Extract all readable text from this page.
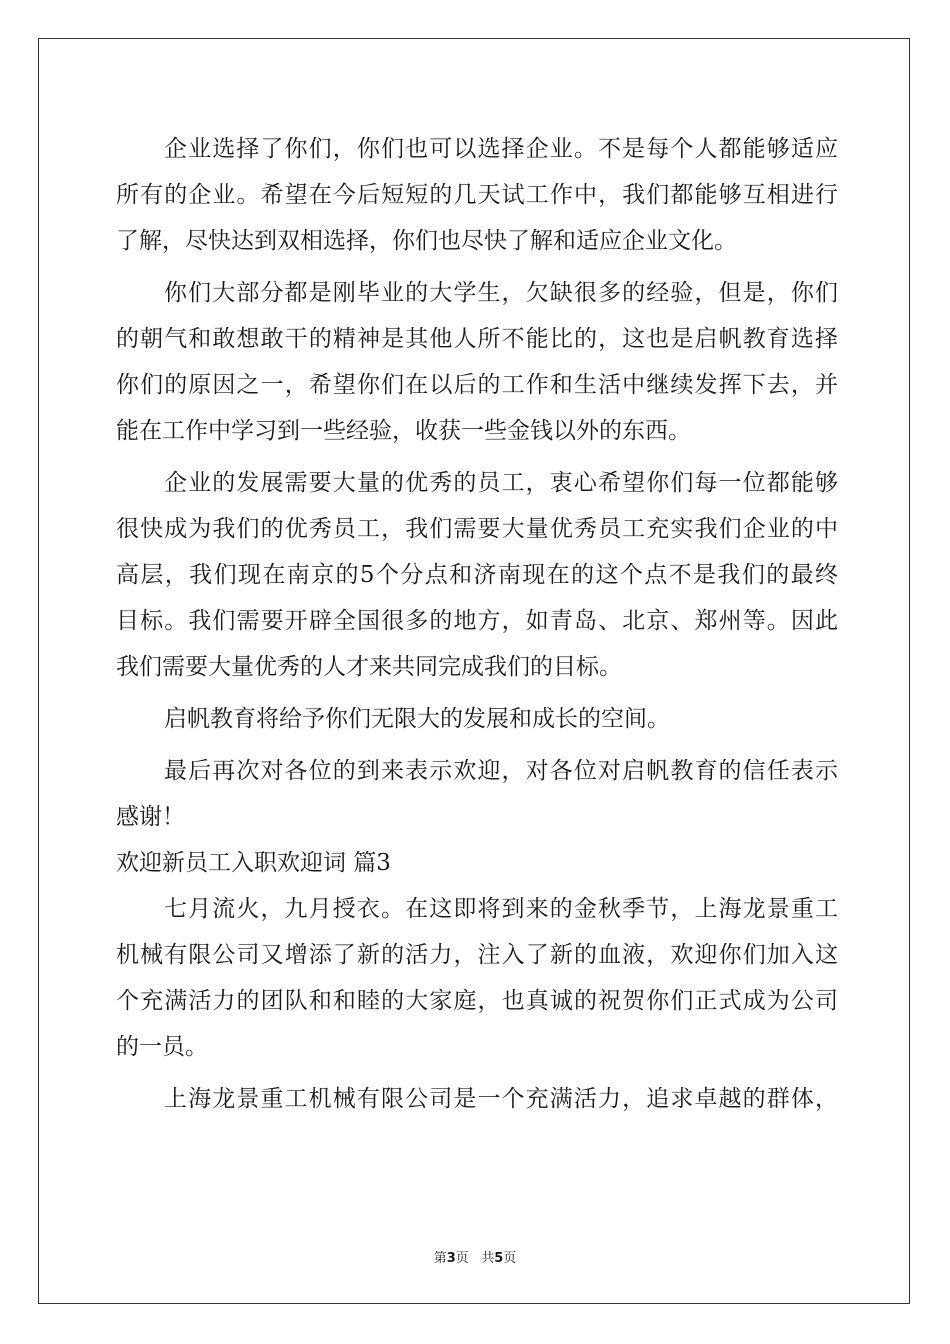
企业选择了你们，你们也可以选择企业。不是每个人都能够适应
所有的企业。希望在今后短短的几天试工作中，我们都能够互相进行
了解，尽快达到双相选择，你们也尽快了解和适应企业文化。
你们大部分都是刚毕业的大学生，欠缺很多的经验，但是，你们
的朝气和敢想敢干的精神是其他人所不能比的，这也是启帆教育选择
你们的原因之一，希望你们在以后的工作和生活中继续发挥下去，并
能在工作中学习到一些经验，收获一些金钱以外的东西。
企业的发展需要大量的优秀的员工，衷心希望你们每一位都能够
很快成为我们的优秀员工，我们需要大量优秀员工充实我们企业的中
高层，我们现在南京的5个分点和济南现在的这个点不是我们的最终
目标。我们需要开辟全国很多的地方，如青岛、北京、郑州等。因此
我们需要大量优秀的人才来共同完成我们的目标。
启帆教育将给予你们无限大的发展和成长的空间。
最后再次对各位的到来表示欢迎，对各位对启帆教育的信任表示
感谢！
欢迎新员工入职欢迎词 篇3
七月流火，九月授衣。在这即将到来的金秋季节，上海龙景重工
机械有限公司又增添了新的活力，注入了新的血液，欢迎你们加入这
个充满活力的团队和和睦的大家庭，也真诚的祝贺你们正式成为公司
的一员。
上海龙景重工机械有限公司是一个充满活力，追求卓越的群体，
第3页 共5页
